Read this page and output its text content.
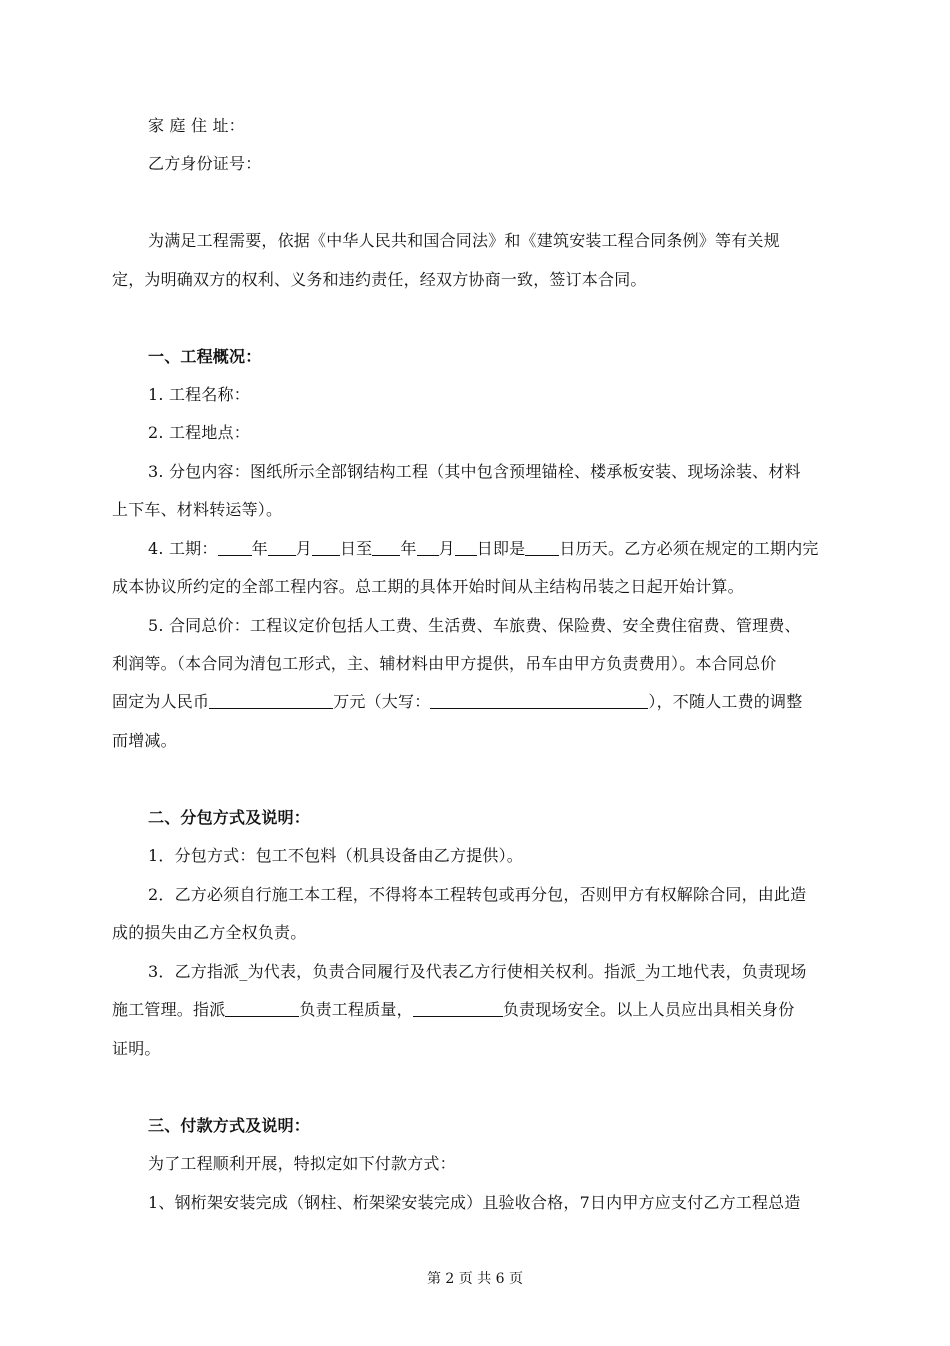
家 庭 住 址：
乙方身份证号：
为满足工程需要，依据《中华人民共和国合同法》和《建筑安装工程合同条例》等有关规
定，为明确双方的权利、义务和违约责任，经双方协商一致，签订本合同。
一、工程概况：
1. 工程名称：
2. 工程地点：
3. 分包内容：图纸所示全部钢结构工程（其中包含预埋锚栓、楼承板安装、现场涂装、材料
上下车、材料转运等）。
4. 工期： 年 月 日至 年 月 日即是 日历天。乙方必须在规定的工期内完
成本协议所约定的全部工程内容。总工期的具体开始时间从主结构吊装之日起开始计算。
5. 合同总价：工程议定价包括人工费、生活费、车旅费、保险费、安全费住宿费、管理费、
利润等。（本合同为清包工形式，主、辅材料由甲方提供，吊车由甲方负责费用）。本合同总价
固定为人民币	万元（大写：	），不随人工费的调整
而增减。
二、分包方式及说明：
1．分包方式：包工不包料（机具设备由乙方提供）。
2．乙方必须自行施工本工程，不得将本工程转包或再分包，否则甲方有权解除合同，由此造
成的损失由乙方全权负责。
3．乙方指派_为代表，负责合同履行及代表乙方行使相关权利。指派_为工地代表，负责现场
施工管理。指派	负责工程质量，	负责现场安全。以上人员应出具相关身份
证明。
三、付款方式及说明：
为了工程顺利开展，特拟定如下付款方式：
1、钢桁架安装完成（钢柱、桁架梁安装完成）且验收合格，7日内甲方应支付乙方工程总造
第 2 页 共 6 页
